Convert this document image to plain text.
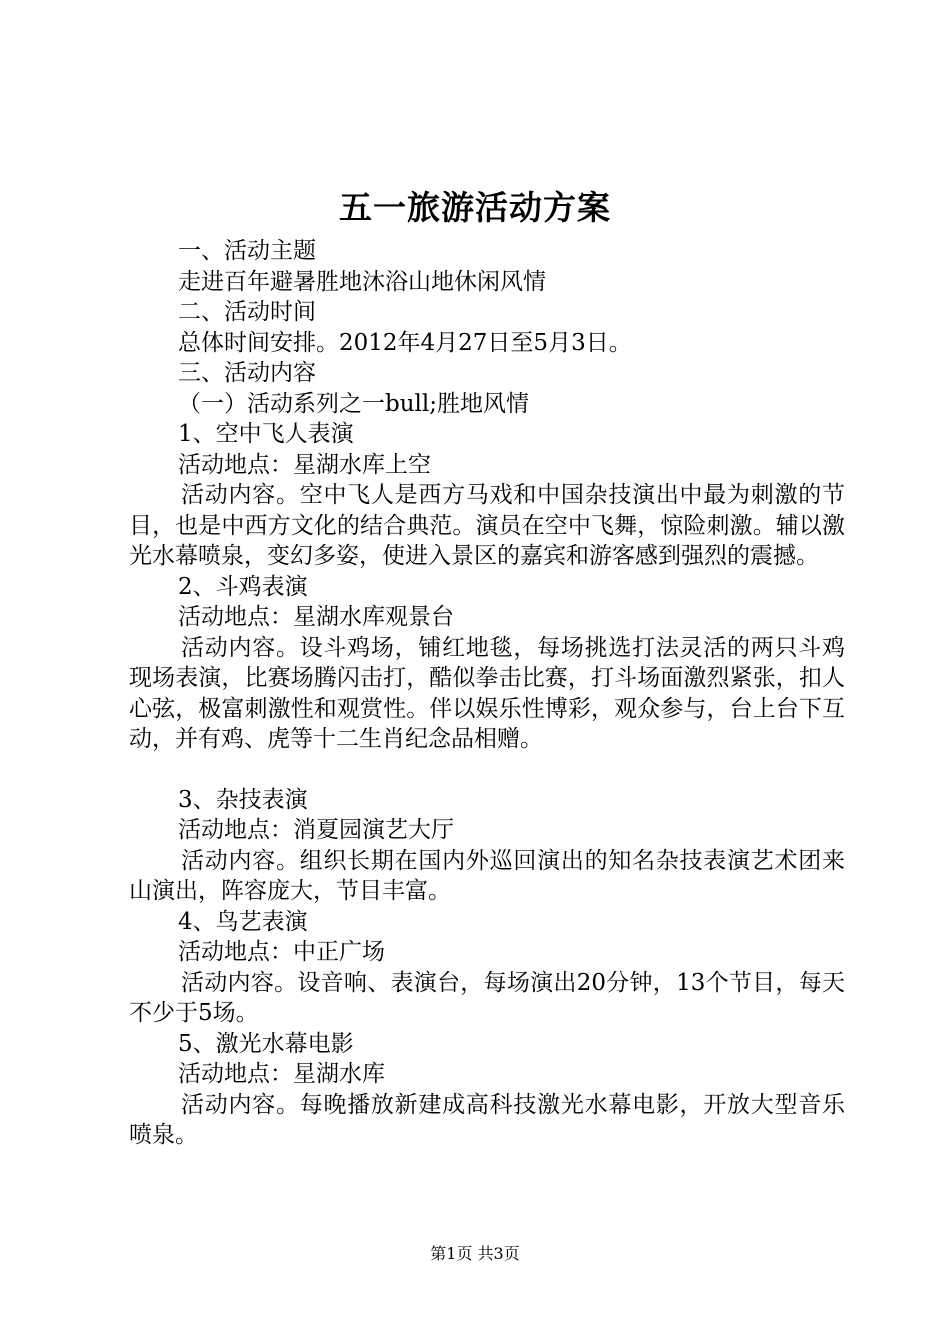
五一旅游活动方案

一、活动主题

走进百年避暑胜地沐浴山地休闲风情

二、活动时间

总体时间安排。2012年4月27日至5月3日。

三、活动内容

（一）活动系列之一bull;胜地风情

1、空中飞人表演

活动地点：星湖水库上空

活动内容。空中飞人是西方马戏和中国杂技演出中最为刺激的节目，也是中西方文化的结合典范。演员在空中飞舞，惊险刺激。辅以激光水幕喷泉，变幻多姿，使进入景区的嘉宾和游客感到强烈的震撼。

2、斗鸡表演

活动地点：星湖水库观景台

活动内容。设斗鸡场，铺红地毯，每场挑选打法灵活的两只斗鸡现场表演，比赛场腾闪击打，酷似拳击比赛，打斗场面激烈紧张，扣人心弦，极富刺激性和观赏性。伴以娱乐性博彩，观众参与，台上台下互动，并有鸡、虎等十二生肖纪念品相赠。

3、杂技表演

活动地点：消夏园演艺大厅

活动内容。组织长期在国内外巡回演出的知名杂技表演艺术团来山演出，阵容庞大，节目丰富。

4、鸟艺表演

活动地点：中正广场

活动内容。设音响、表演台，每场演出20分钟，13个节目，每天不少于5场。

5、激光水幕电影

活动地点：星湖水库

活动内容。每晚播放新建成高科技激光水幕电影，开放大型音乐喷泉。

第1页 共3页
